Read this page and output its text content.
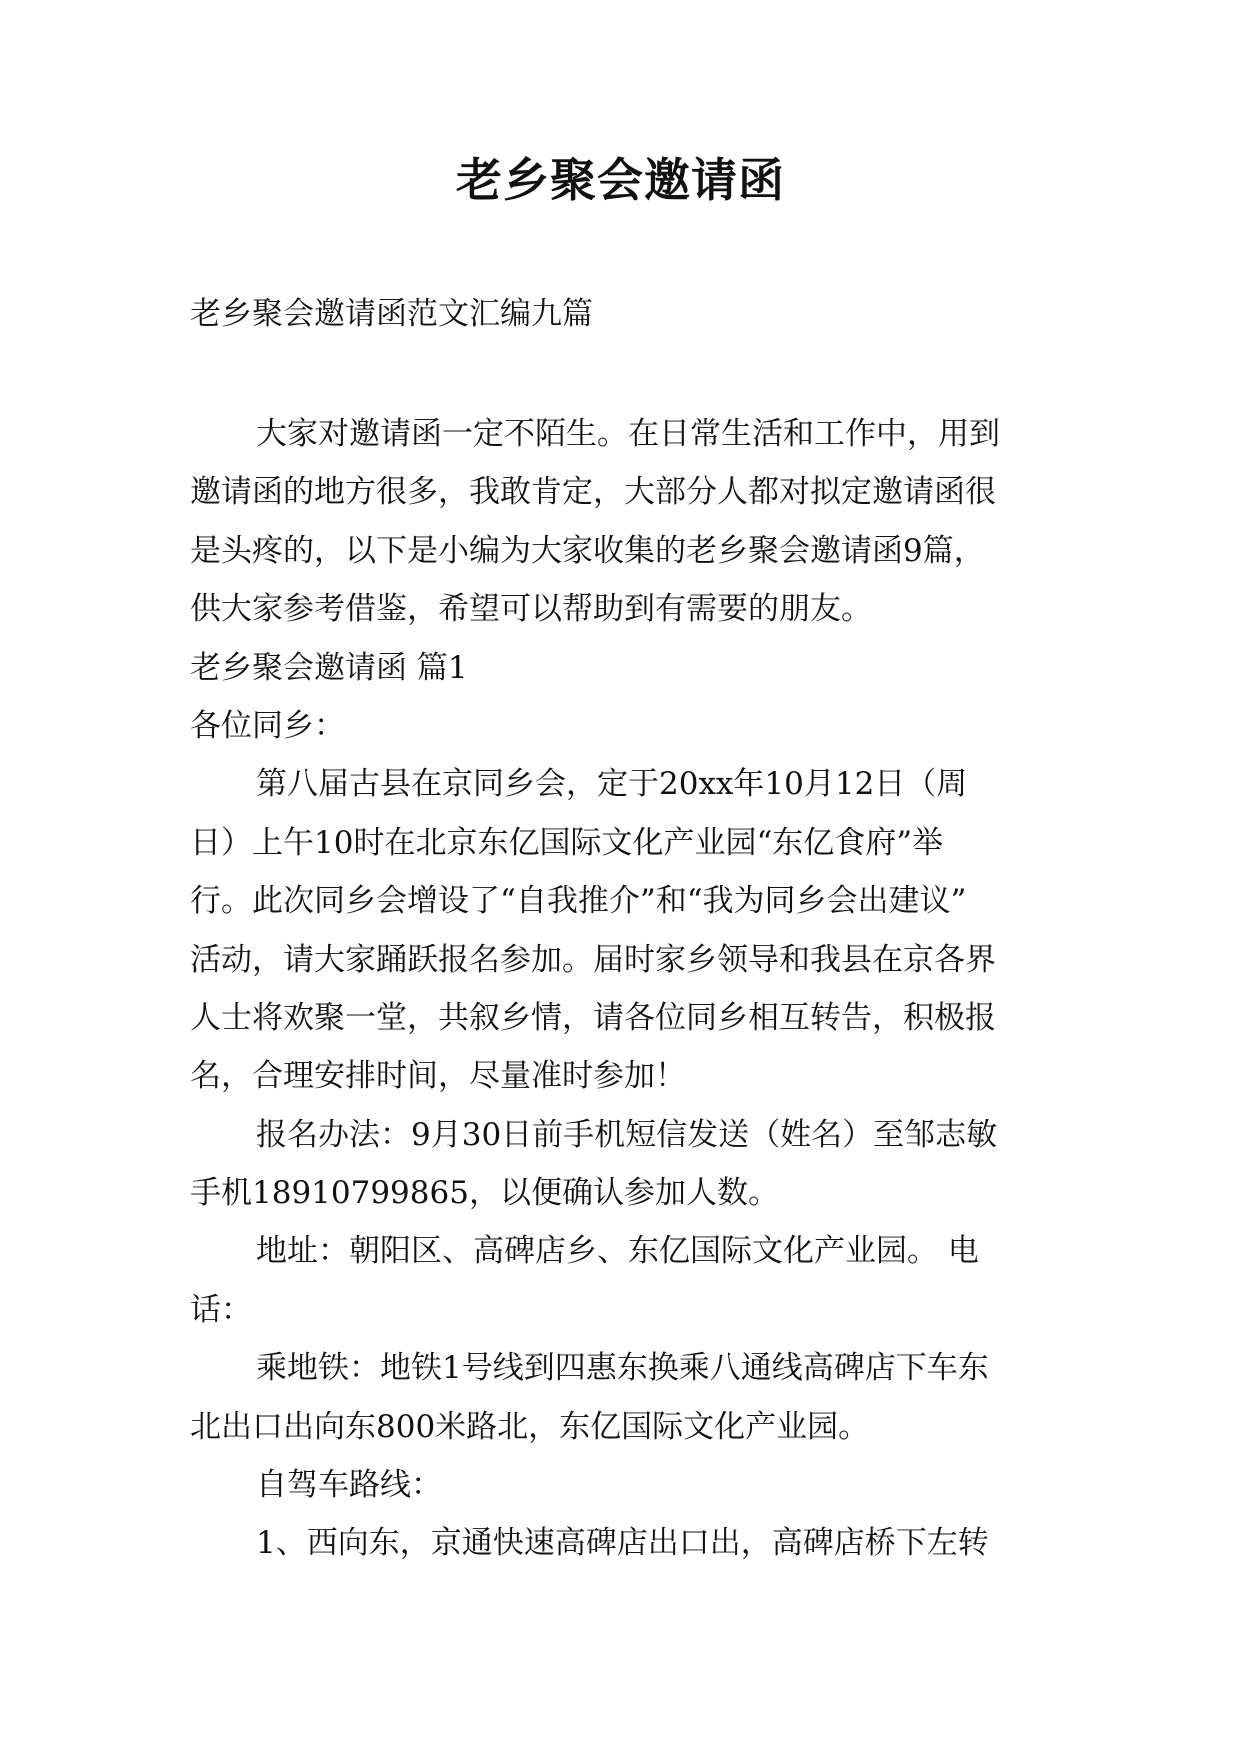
老乡聚会邀请函
老乡聚会邀请函范文汇编九篇
大家对邀请函一定不陌生。在日常生活和工作中，用到
邀请函的地方很多，我敢肯定，大部分人都对拟定邀请函很
是头疼的，以下是小编为大家收集的老乡聚会邀请函9篇，
供大家参考借鉴，希望可以帮助到有需要的朋友。
老乡聚会邀请函 篇1
各位同乡：
第八届古县在京同乡会，定于20xx年10月12日（周
日）上午10时在北京东亿国际文化产业园“东亿食府”举
行。此次同乡会增设了“自我推介”和“我为同乡会出建议”
活动，请大家踊跃报名参加。届时家乡领导和我县在京各界
人士将欢聚一堂，共叙乡情，请各位同乡相互转告，积极报
名，合理安排时间，尽量准时参加！
报名办法：9月30日前手机短信发送（姓名）至邹志敏
手机18910799865，以便确认参加人数。
地址：朝阳区、高碑店乡、东亿国际文化产业园。 电
话：
乘地铁：地铁1号线到四惠东换乘八通线高碑店下车东
北出口出向东800米路北，东亿国际文化产业园。
自驾车路线：
1、西向东，京通快速高碑店出口出，高碑店桥下左转
